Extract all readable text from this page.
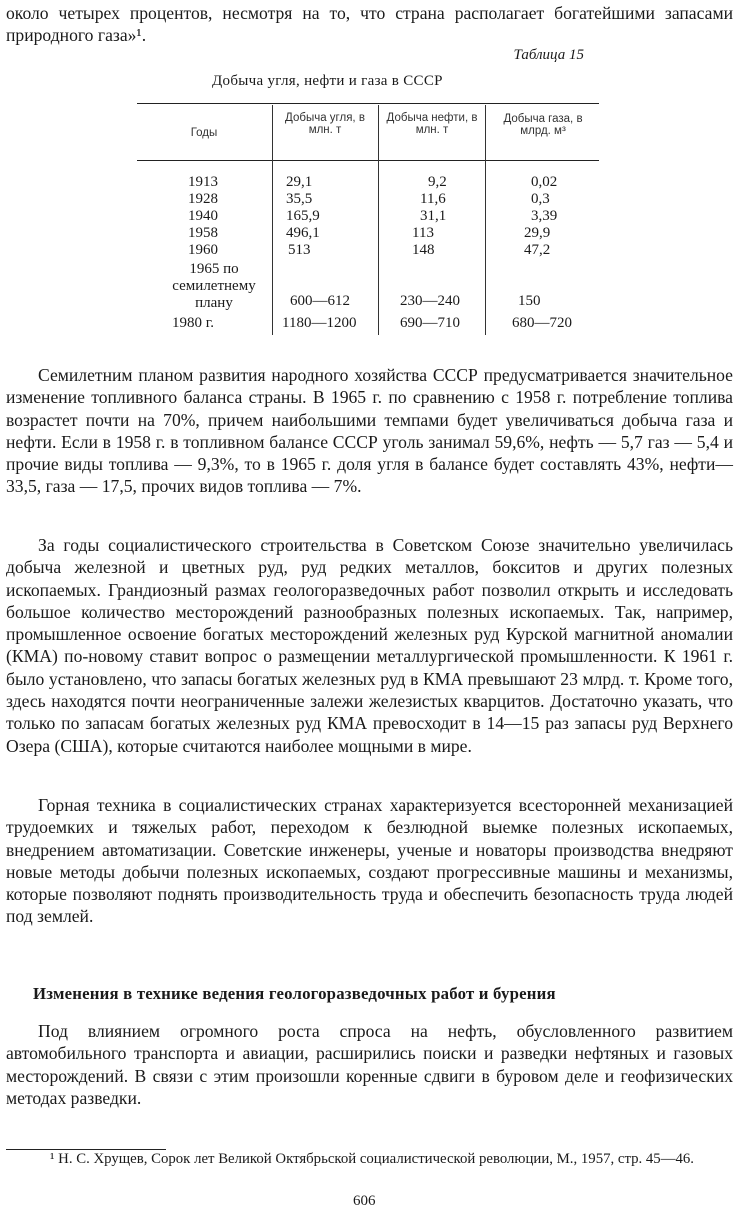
около четырех процентов, несмотря на то, что страна располагает богатейшими запасами природного газа»¹.

Таблица 15
Добыча угля, нефти и газа в СССР
Годы
Добыча угля, в млн. т
Добыча нефти, в млн. т
Добыча газа, в млрд. м³
1913	29,1	9,2	0,02
1928	35,5	11,6	0,3
1940	165,9	31,1	3,39
1958	496,1	113	29,9
1960	513	148	47,2
1965 по семилетнему плану	600—612	230—240	150
1980 г.	1180—1200	690—710	680—720

Семилетним планом развития народного хозяйства СССР предусматривается значительное изменение топливного баланса страны. В 1965 г. по сравнению с 1958 г. потребление топлива возрастет почти на 70%, причем наибольшими темпами будет увеличиваться добыча газа и нефти. Если в 1958 г. в топливном балансе СССР уголь занимал 59,6%, нефть — 5,7 газ — 5,4 и прочие виды топлива — 9,3%, то в 1965 г. доля угля в балансе будет составлять 43%, нефти—33,5, газа — 17,5, прочих видов топлива — 7%.

За годы социалистического строительства в Советском Союзе значительно увеличилась добыча железной и цветных руд, руд редких металлов, бокситов и других полезных ископаемых. Грандиозный размах геологоразведочных работ позволил открыть и исследовать большое количество месторождений разнообразных полезных ископаемых. Так, например, промышленное освоение богатых месторождений железных руд Курской магнитной аномалии (КМА) по-новому ставит вопрос о размещении металлургической промышленности. К 1961 г. было установлено, что запасы богатых железных руд в КМА превышают 23 млрд. т. Кроме того, здесь находятся почти неограниченные залежи железистых кварцитов. Достаточно указать, что только по запасам богатых железных руд КМА превосходит в 14—15 раз запасы руд Верхнего Озера (США), которые считаются наиболее мощными в мире.

Горная техника в социалистических странах характеризуется всесторонней механизацией трудоемких и тяжелых работ, переходом к безлюдной выемке полезных ископаемых, внедрением автоматизации. Советские инженеры, ученые и новаторы производства внедряют новые методы добычи полезных ископаемых, создают прогрессивные машины и механизмы, которые позволяют поднять производительность труда и обеспечить безопасность труда людей под землей.

Изменения в технике ведения геологоразведочных работ и бурения

Под влиянием огромного роста спроса на нефть, обусловленного развитием автомобильного транспорта и авиации, расширились поиски и разведки нефтяных и газовых месторождений. В связи с этим произошли коренные сдвиги в буровом деле и геофизических методах разведки.

¹ Н. С. Хрущев, Сорок лет Великой Октябрьской социалистической революции, М., 1957, стр. 45—46.

606
